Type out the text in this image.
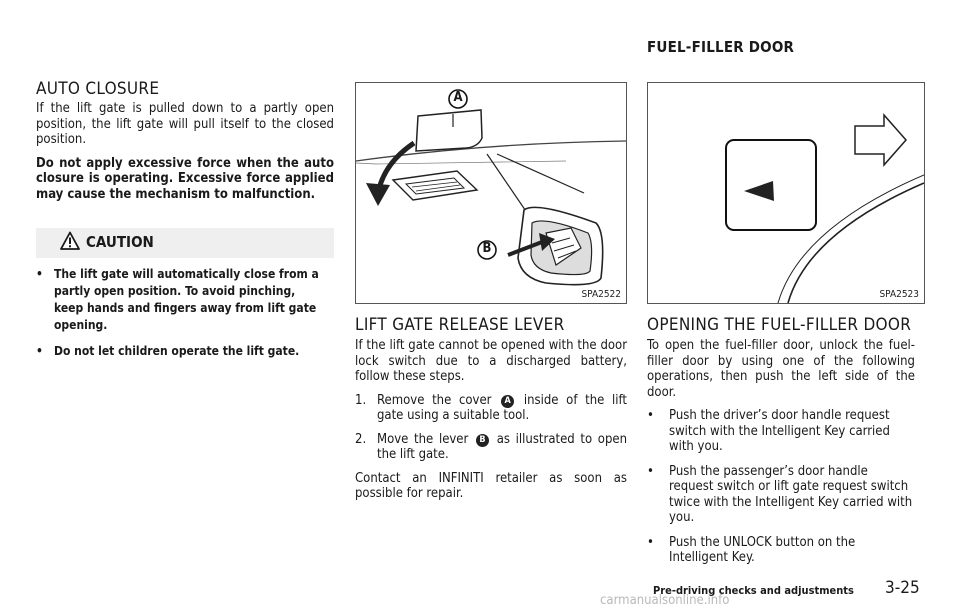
FUEL-FILLER DOOR
AUTO CLOSURE

If the lift gate is pulled down to a partly open position, the lift gate will pull itself to the closed position.

Do not apply excessive force when the auto closure is operating. Excessive force applied may cause the mechanism to malfunction.

CAUTION
• The lift gate will automatically close from a partly open position. To avoid pinching, keep hands and fingers away from lift gate opening.
• Do not let children operate the lift gate.
A
B
SPA2522
LIFT GATE RELEASE LEVER

If the lift gate cannot be opened with the door lock switch due to a discharged battery, follow these steps.

1. Remove the cover A inside of the lift gate using a suitable tool.
2. Move the lever B as illustrated to open the lift gate.

Contact an INFINITI retailer as soon as possible for repair.

SPA2523
OPENING THE FUEL-FILLER DOOR

To open the fuel-filler door, unlock the fuel-filler door by using one of the following operations, then push the left side of the door.

• Push the driver’s door handle request switch with the Intelligent Key carried with you.
• Push the passenger’s door handle request switch or lift gate request switch twice with the Intelligent Key carried with you.
• Push the UNLOCK button on the Intelligent Key.
Pre-driving checks and adjustments 3-25
carmanualsonline.info
